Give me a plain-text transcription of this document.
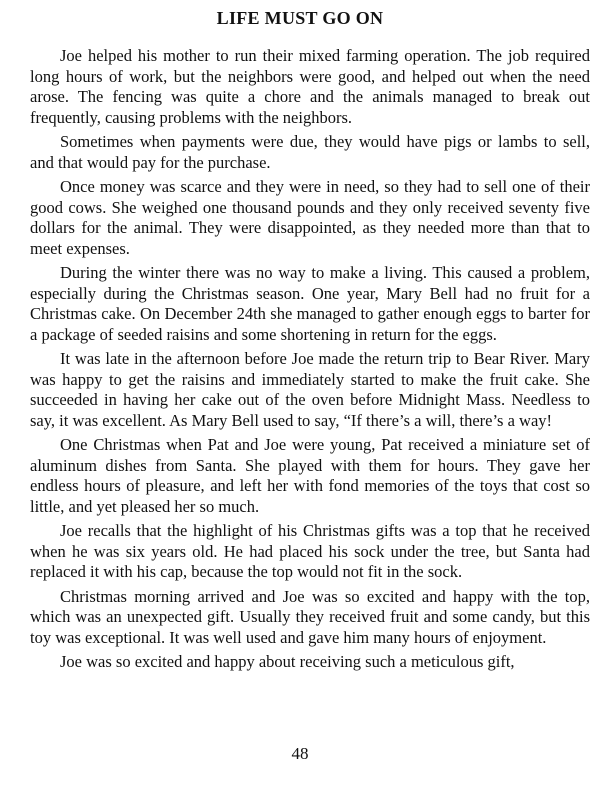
LIFE MUST GO ON

Joe helped his mother to run their mixed farming operation. The job required long hours of work, but the neighbors were good, and helped out when the need arose. The fencing was quite a chore and the animals managed to break out frequently, causing problems with the neighbors.

Sometimes when payments were due, they would have pigs or lambs to sell, and that would pay for the purchase.

Once money was scarce and they were in need, so they had to sell one of their good cows. She weighed one thousand pounds and they only received seventy five dollars for the animal. They were disappointed, as they needed more than that to meet expenses.

During the winter there was no way to make a living. This caused a problem, especially during the Christmas season. One year, Mary Bell had no fruit for a Christmas cake. On December 24th she managed to gather enough eggs to barter for a package of seeded raisins and some shortening in return for the eggs.

It was late in the afternoon before Joe made the return trip to Bear River. Mary was happy to get the raisins and immediately started to make the fruit cake. She succeeded in having her cake out of the oven before Midnight Mass. Needless to say, it was excellent. As Mary Bell used to say, “If there’s a will, there’s a way!

One Christmas when Pat and Joe were young, Pat received a miniature set of aluminum dishes from Santa. She played with them for hours. They gave her endless hours of pleasure, and left her with fond memories of the toys that cost so little, and yet pleased her so much.

Joe recalls that the highlight of his Christmas gifts was a top that he received when he was six years old. He had placed his sock under the tree, but Santa had replaced it with his cap, because the top would not fit in the sock.

Christmas morning arrived and Joe was so excited and happy with the top, which was an unexpected gift. Usually they received fruit and some candy, but this toy was exceptional. It was well used and gave him many hours of enjoyment.

Joe was so excited and happy about receiving such a meticulous gift,

48
